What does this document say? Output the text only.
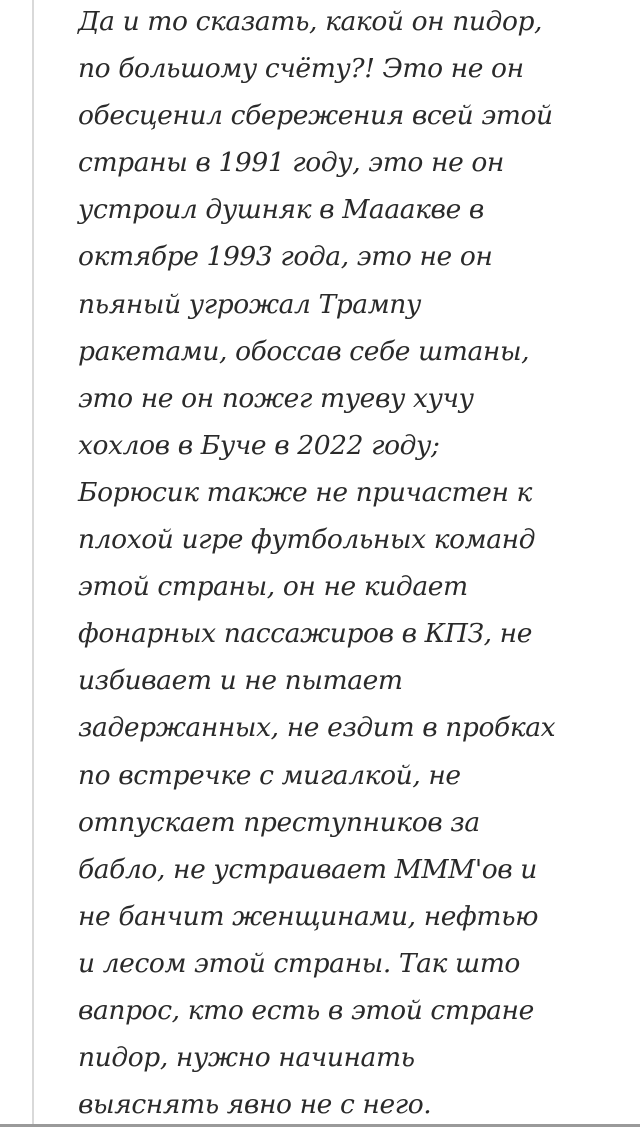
Да и то сказать, какой он пидор,
по большому счёту?! Это не он
обесценил сбережения всей этой
страны в 1991 году, это не он
устроил душняк в Мааакве в
октябре 1993 года, это не он
пьяный угрожал Трампу
ракетами, обоссав себе штаны,
это не он пожег туеву хучу
хохлов в Буче в 2022 году;
Борюсик также не причастен к
плохой игре футбольных команд
этой страны, он не кидает
фонарных пассажиров в КПЗ, не
избивает и не пытает
задержанных, не ездит в пробках
по встречке с мигалкой, не
отпускает преступников за
бабло, не устраивает МММ'ов и
не банчит женщинами, нефтью
и лесом этой страны. Так што
вапрос, кто есть в этой стране
пидор, нужно начинать
выяснять явно не с него.
